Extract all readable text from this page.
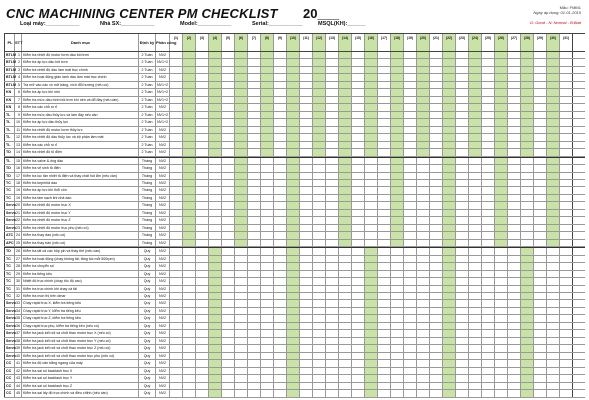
CNC MACHINING CENTER PM CHECKLIST 20___	Mẫu: FMM1
Ngày áp dụng: 01-01-2015
G: Good - N: Normal - B:Bad
Loại máy:___________	Nhà SX:___________	Model:___________	Serial:___________	MSQL(KH):______
PL STT	Danh mục	Định kỳ Phân công
(1)	(2)	(3)	(4)	(5)	(6)	(7)	(8)	(9)	(10)	(11)	(12)	(13)	(14)	(15)	(16)	(17)	(18)	(19)	(20)	(21)	(22)	(23)	(24)	(25)	(26)	(27)	(28)	(29)	(30)	(31)
BTLM 1 Kiểm tra nhiệt độ motor bơm dầu bôi trơn	2 Tuần	NV2
BTLM 2 Kiểm tra áp lực dầu bôi trơn	2 Tuần	NV1+2
BTLM 3 Kiểm tra nhiệt độ dầu làm mát trục chính	2 Tuần	NV2
BTLM 4 Kiểm tra hoạt động giàn lạnh dầu làm mát trục chính	2 Tuần	NV2
BTLM 5 Tra mỡ vào các vú mỡ bảng, xích đổi hướng (nếu có)	2 Tuần	NV1+2
KN	6 Kiểm tra áp lực khí nén	2 Tuần	NV1+2
KN	7 Kiểm tra mức dầu bình bôi trơn khí nén và đổ đầy (nếu cần)	2 Tuần	NV1+2
KN	8 Kiểm tra các chỗ rò rỉ	2 Tuần	NV2
TL	9 Kiểm tra mức dầu thủy lực và làm đầy nếu cần	2 Tuần	NV1+2
TL	10 Kiểm tra áp lực dầu thủy lực	2 Tuần	NV1+2
TL	11 Kiểm tra nhiệt độ motor bơm thủy lực	2 Tuần	NV2
TL	12 Kiểm tra nhiệt độ dầu thủy lực và bộ phận làm mát	2 Tuần	NV2
TL	13 Kiểm tra các chỗ rò rỉ	2 Tuần	NV2
TD	14 Kiểm tra nhiệt độ tủ điện	2 Tuần	NV2
TL	15 Kiểm tra valve & ống dầu	Tháng	NV2
TD	16 Kiểm tra vệ sinh tủ điện	Tháng	NV2
TD	17 Kiểm tra lọc tản nhiệt tủ điện và thay chất hút ẩm (nếu cần)	Tháng	NV2
TC	18 Kiểm tra kẹp/nhả dao	Tháng	NV2
TC	19 Kiểm tra áp lực khí thổi côn	Tháng	NV2
TC	19 Kiểm tra làm sạch khi nhả dao	Tháng	NV2
Servo 20 Kiểm tra nhiệt độ motor trục X	Tháng	NV2
Servo 21 Kiểm tra nhiệt độ motor trục Y	Tháng	NV2
Servo 22 Kiểm tra nhiệt độ motor trục Z	Tháng	NV2
Servo 23 Kiểm tra nhiệt độ motor trục phụ (nếu có)	Tháng	NV2
ATC 24 Kiểm tra thay dao (nếu có)	Tháng	NV2
APC 25 Kiểm tra thay bàn (nếu có)	Tháng	NV2
TD	26 Kiểm tra tất cả các hộp pin và thay thế (nếu cần)	Quý	NV2
TC	27 Kiểm tra hoạt động (chạy không tải, tăng tốc mỗi 500rpm)	Quý	NV2
TC	28 Kiểm tra chuyển số	Quý	NV2
TC	29 Kiểm tra tiếng kêu	Quý	NV2
TC	30 Nhiệt độ trục chính (chạy tốc độ cao)	Quý	NV2
TC	31 Kiểm tra trục chính khi chạy cá tải	Quý	NV2
TC	32 Kiểm tra mòn thị trên dmar	Quý	NV2
Servo 33 Chạy rapid trục X, kiểm tra tiếng kêu	Quý	NV2
Servo 34 Chạy rapid trục Y, kiểm tra tiếng kêu	Quý	NV2
Servo 35 Chạy rapid trục Z, kiểm tra tiếng kêu	Quý	NV2
Servo 36 Chạy rapid trục phụ, kiểm tra tiếng kêu (nếu có)	Quý	NV2
Servo 37 Kiểm tra jack kết nối và chốt thao motor trục X (nếu có)	Quý	NV2
Servo 38 Kiểm tra jack kết nối và chốt thao motor trục Y (nếu có)	Quý	NV2
Servo 39 Kiểm tra jack kết nối và chốt thao motor trục Z (nếu có)	Quý	NV2
Servo 40 Kiểm tra jack kết nối và chốt thao motor trục phụ (nếu có)	Quý	NV2
CC	41 Kiểm tra độ cân bằng ngang của máy	Quý	NV2
CC	42 Kiểm tra sai số backlash trục X	Quý	NV2
CC	43 Kiểm tra sai số backlash trục Y	Quý	NV2
CC	44 Kiểm tra sai số backlash trục Z	Quý	NV2
CC	45 Kiểm tra sai lấy độ trục chính và điều chỉnh (nếu cần)	Quý	NV2
